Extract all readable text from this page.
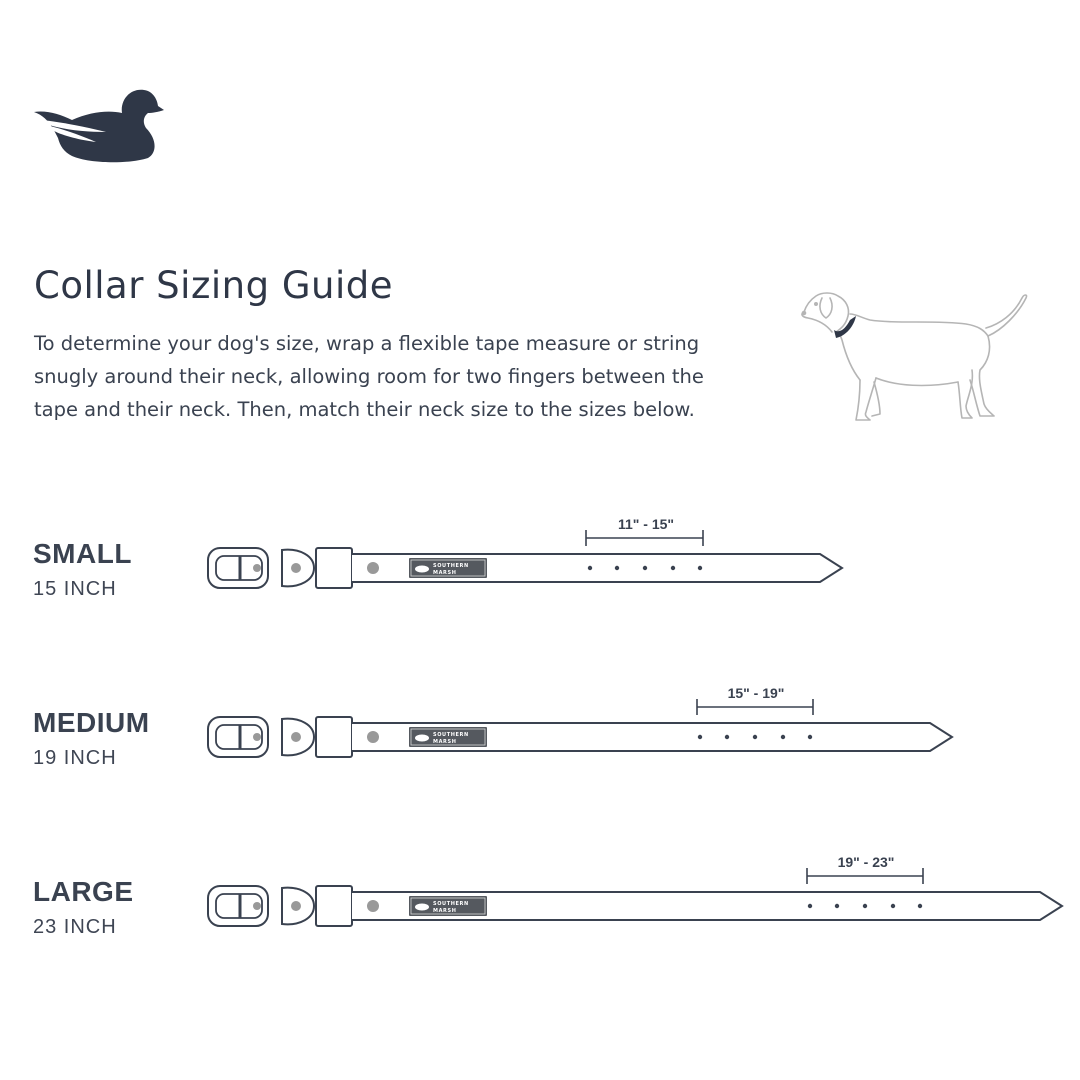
Collar Sizing Guide

To determine your dog's size, wrap a flexible tape measure or string snugly around their neck, allowing room for two fingers between the tape and their neck. Then, match their neck size to the sizes below.

SMALL

15 INCH

SOUTHERN
MARSH
11" - 15"
MEDIUM

19 INCH

SOUTHERN
MARSH
15" - 19"
LARGE

23 INCH

SOUTHERN
MARSH
19" - 23"
